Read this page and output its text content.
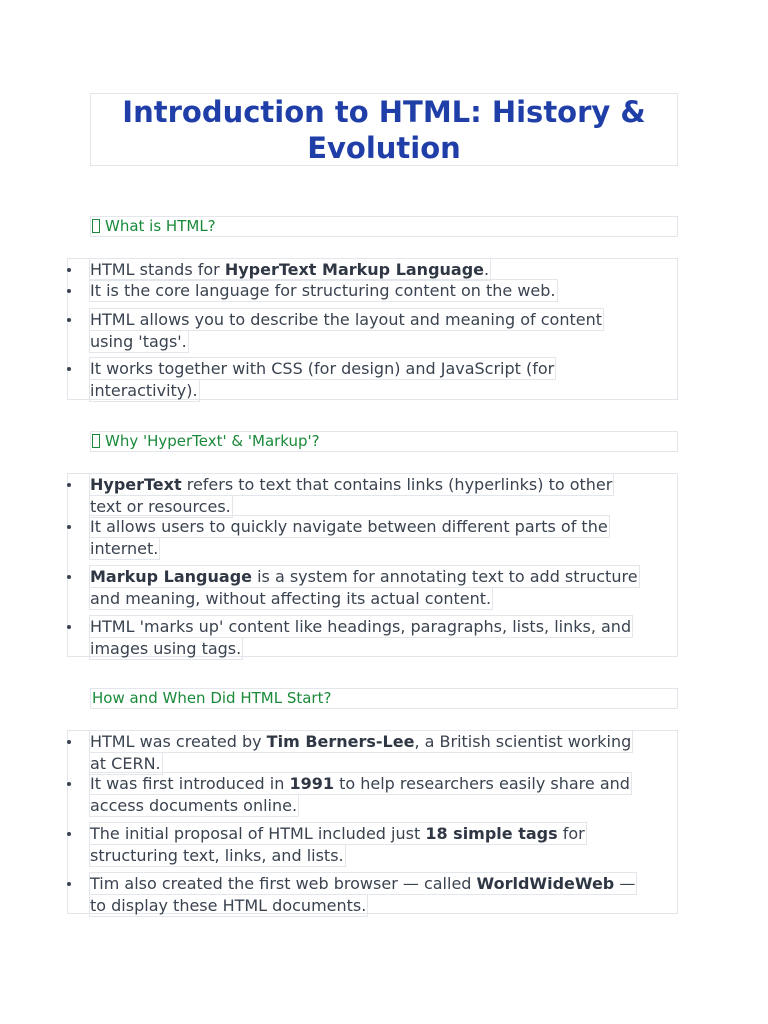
Introduction to HTML: History & Evolution
What is HTML?
HTML stands for HyperText Markup Language.
It is the core language for structuring content on the web.
HTML allows you to describe the layout and meaning of content
using 'tags'.
It works together with CSS (for design) and JavaScript (for
interactivity).
Why 'HyperText' & 'Markup'?
HyperText refers to text that contains links (hyperlinks) to other
text or resources.
It allows users to quickly navigate between different parts of the
internet.
Markup Language is a system for annotating text to add structure
and meaning, without affecting its actual content.
HTML 'marks up' content like headings, paragraphs, lists, links, and
images using tags.
How and When Did HTML Start?
HTML was created by Tim Berners-Lee, a British scientist working
at CERN.
It was first introduced in 1991 to help researchers easily share and
access documents online.
The initial proposal of HTML included just 18 simple tags for
structuring text, links, and lists.
Tim also created the first web browser — called WorldWideWeb —
to display these HTML documents.
